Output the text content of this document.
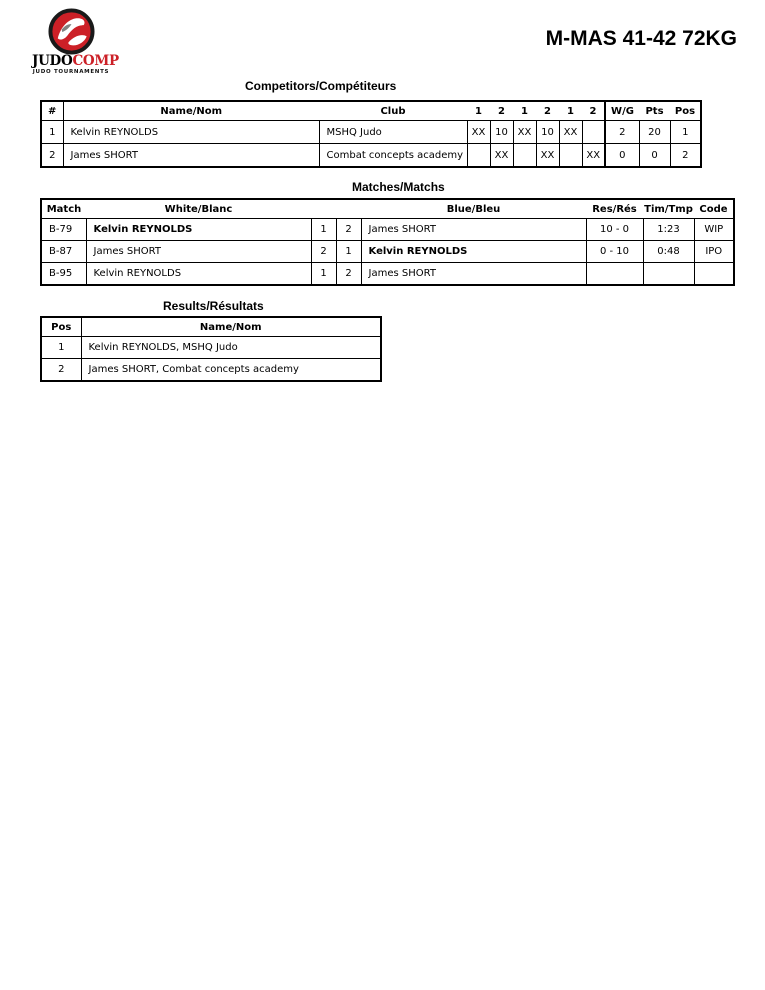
JUDOCOMP
JUDO TOURNAMENTS
M-MAS 41-42 72KG
Competitors/Compétiteurs
#	Name/Nom	Club	1	2	1	2	1	2	W/G	Pts	Pos
1	Kelvin REYNOLDS	MSHQ Judo	XX	10	XX	10	XX		2	20	1
2	James SHORT	Combat concepts academy		XX		XX		XX	0	0	2
Matches/Matchs
Match	White/Blanc			Blue/Bleu	Res/Rés	Tim/Tmp	Code
B-79	Kelvin REYNOLDS	1	2	James SHORT	10 - 0	1:23	WIP
B-87	James SHORT	2	1	Kelvin REYNOLDS	0 - 10	0:48	IPO
B-95	Kelvin REYNOLDS	1	2	James SHORT			
Results/Résultats
Pos	Name/Nom
1	Kelvin REYNOLDS, MSHQ Judo
2	James SHORT, Combat concepts academy
